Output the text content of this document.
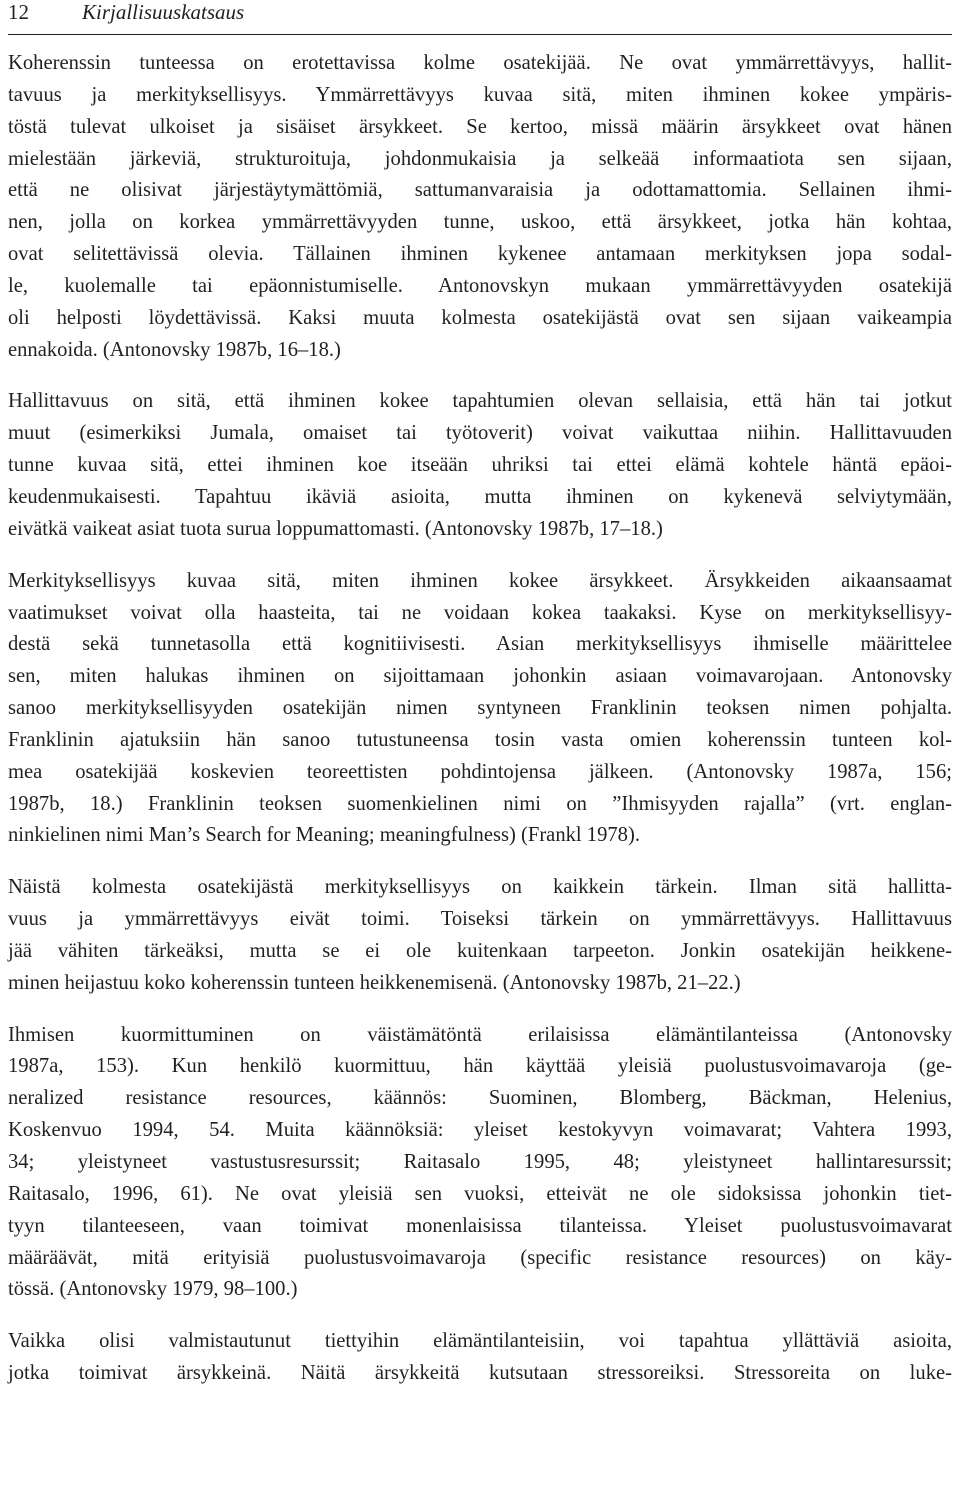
12	Kirjallisuuskatsaus

Koherenssin tunteessa on erotettavissa kolme osatekijää. Ne ovat ymmärrettävyys, hallit-
tavuus ja merkityksellisyys. Ymmärrettävyys kuvaa sitä, miten ihminen kokee ympäris-
töstä tulevat ulkoiset ja sisäiset ärsykkeet. Se kertoo, missä määrin ärsykkeet ovat hänen
mielestään järkeviä, strukturoituja, johdonmukaisia ja selkeää informaatiota sen sijaan,
että ne olisivat järjestäytymättömiä, sattumanvaraisia ja odottamattomia. Sellainen ihmi-
nen, jolla on korkea ymmärrettävyyden tunne, uskoo, että ärsykkeet, jotka hän kohtaa,
ovat selitettävissä olevia. Tällainen ihminen kykenee antamaan merkityksen jopa sodal-
le, kuolemalle tai epäonnistumiselle. Antonovskyn mukaan ymmärrettävyyden osatekijä
oli helposti löydettävissä. Kaksi muuta kolmesta osatekijästä ovat sen sijaan vaikeampia
ennakoida. (Antonovsky 1987b, 16–18.)

Hallittavuus on sitä, että ihminen kokee tapahtumien olevan sellaisia, että hän tai jotkut
muut (esimerkiksi Jumala, omaiset tai työtoverit) voivat vaikuttaa niihin. Hallittavuuden
tunne kuvaa sitä, ettei ihminen koe itseään uhriksi tai ettei elämä kohtele häntä epäoi-
keudenmukaisesti. Tapahtuu ikäviä asioita, mutta ihminen on kykenevä selviytymään,
eivätkä vaikeat asiat tuota surua loppumattomasti. (Antonovsky 1987b, 17–18.)

Merkityksellisyys kuvaa sitä, miten ihminen kokee ärsykkeet. Ärsykkeiden aikaansaamat
vaatimukset voivat olla haasteita, tai ne voidaan kokea taakaksi. Kyse on merkityksellisyy-
destä sekä tunnetasolla että kognitiivisesti. Asian merkityksellisyys ihmiselle määrittelee
sen, miten halukas ihminen on sijoittamaan johonkin asiaan voimavarojaan. Antonovsky
sanoo merkityksellisyyden osatekijän nimen syntyneen Franklinin teoksen nimen pohjalta.
Franklinin ajatuksiin hän sanoo tutustuneensa tosin vasta omien koherenssin tunteen kol-
mea osatekijää koskevien teoreettisten pohdintojensa jälkeen. (Antonovsky 1987a, 156;
1987b, 18.) Franklinin teoksen suomenkielinen nimi on ”Ihmisyyden rajalla” (vrt. englan-
ninkielinen nimi Man’s Search for Meaning; meaningfulness) (Frankl 1978).

Näistä kolmesta osatekijästä merkityksellisyys on kaikkein tärkein. Ilman sitä hallitta-
vuus ja ymmärrettävyys eivät toimi. Toiseksi tärkein on ymmärrettävyys. Hallittavuus
jää vähiten tärkeäksi, mutta se ei ole kuitenkaan tarpeeton. Jonkin osatekijän heikkene-
minen heijastuu koko koherenssin tunteen heikkenemisenä. (Antonovsky 1987b, 21–22.)

Ihmisen kuormittuminen on väistämätöntä erilaisissa elämäntilanteissa (Antonovsky
1987a, 153). Kun henkilö kuormittuu, hän käyttää yleisiä puolustusvoimavaroja (ge-
neralized resistance resources, käännös: Suominen, Blomberg, Bäckman, Helenius,
Koskenvuo 1994, 54. Muita käännöksiä: yleiset kestokyvyn voimavarat; Vahtera 1993,
34; yleistyneet vastustusresurssit; Raitasalo 1995, 48; yleistyneet hallintaresurssit;
Raitasalo, 1996, 61). Ne ovat yleisiä sen vuoksi, etteivät ne ole sidoksissa johonkin tiet-
tyyn tilanteeseen, vaan toimivat monenlaisissa tilanteissa. Yleiset puolustusvoimavarat
määräävät, mitä erityisiä puolustusvoimavaroja (specific resistance resources) on käy-
tössä. (Antonovsky 1979, 98–100.)

Vaikka olisi valmistautunut tiettyihin elämäntilanteisiin, voi tapahtua yllättäviä asioita,
jotka toimivat ärsykkeinä. Näitä ärsykkeitä kutsutaan stressoreiksi. Stressoreita on luke-
